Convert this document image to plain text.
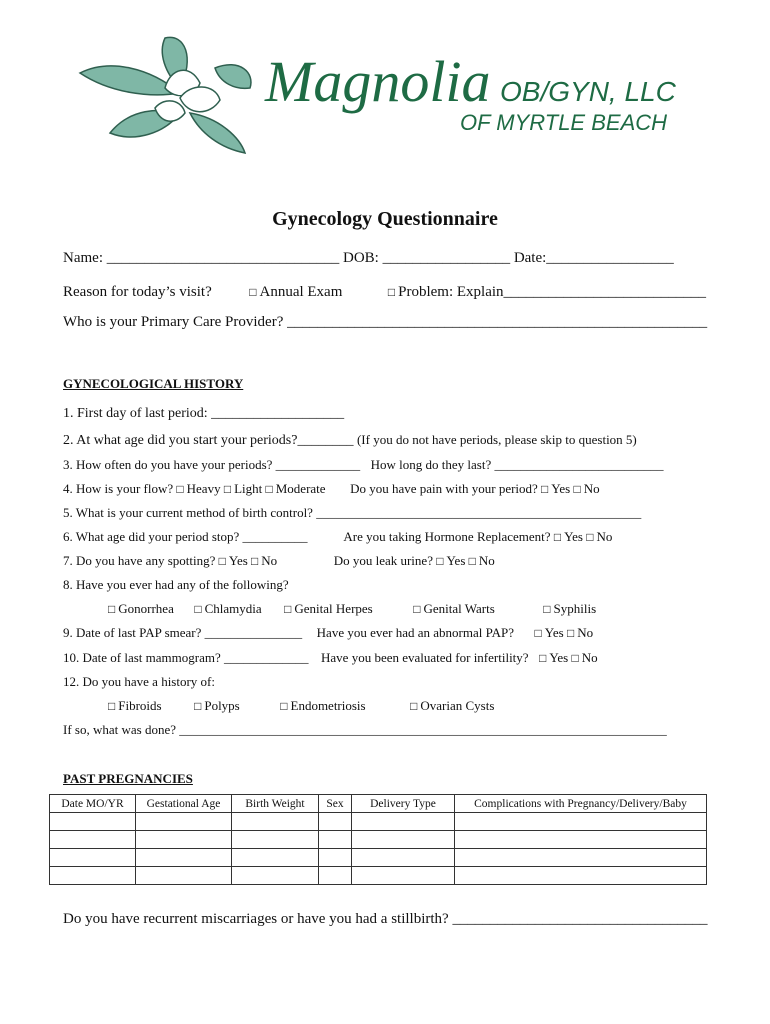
Magnolia OB/GYN, LLC
OF MYRTLE BEACH
Gynecology Questionnaire
Name: _______________________________ DOB: _________________ Date:_________________
Reason for today’s visit?	□ Annual Exam	□ Problem: Explain___________________________
Who is your Primary Care Provider? ________________________________________________________
GYNECOLOGICAL HISTORY
1. First day of last period: ___________________
2. At what age did you start your periods?________ (If you do not have periods, please skip to question 5)
3. How often do you have your periods? _____________ How long do they last? __________________________
4. How is your flow? □ Heavy □ Light □ Moderate Do you have pain with your period? □ Yes □ No
5. What is your current method of birth control? __________________________________________________
6. What age did your period stop? __________	Are you taking Hormone Replacement? □ Yes □ No
7. Do you have any spotting? □ Yes □ No	Do you leak urine? □ Yes □ No
8. Have you ever had any of the following?
□ Gonorrhea □ Chlamydia □ Genital Herpes	□ Genital Warts	□ Syphilis
9. Date of last PAP smear? _______________ Have you ever had an abnormal PAP? □ Yes □ No
10. Date of last mammogram? _____________ Have you been evaluated for infertility? □ Yes □ No
12. Do you have a history of:
□ Fibroids	□ Polyps	□ Endometriosis	□ Ovarian Cysts
If so, what was done? ___________________________________________________________________________
PAST PREGNANCIES
Date MO/YR	Gestational Age	Birth Weight	Sex	Delivery Type	Complications with Pregnancy/Delivery/Baby

Do you have recurrent miscarriages or have you had a stillbirth? __________________________________
